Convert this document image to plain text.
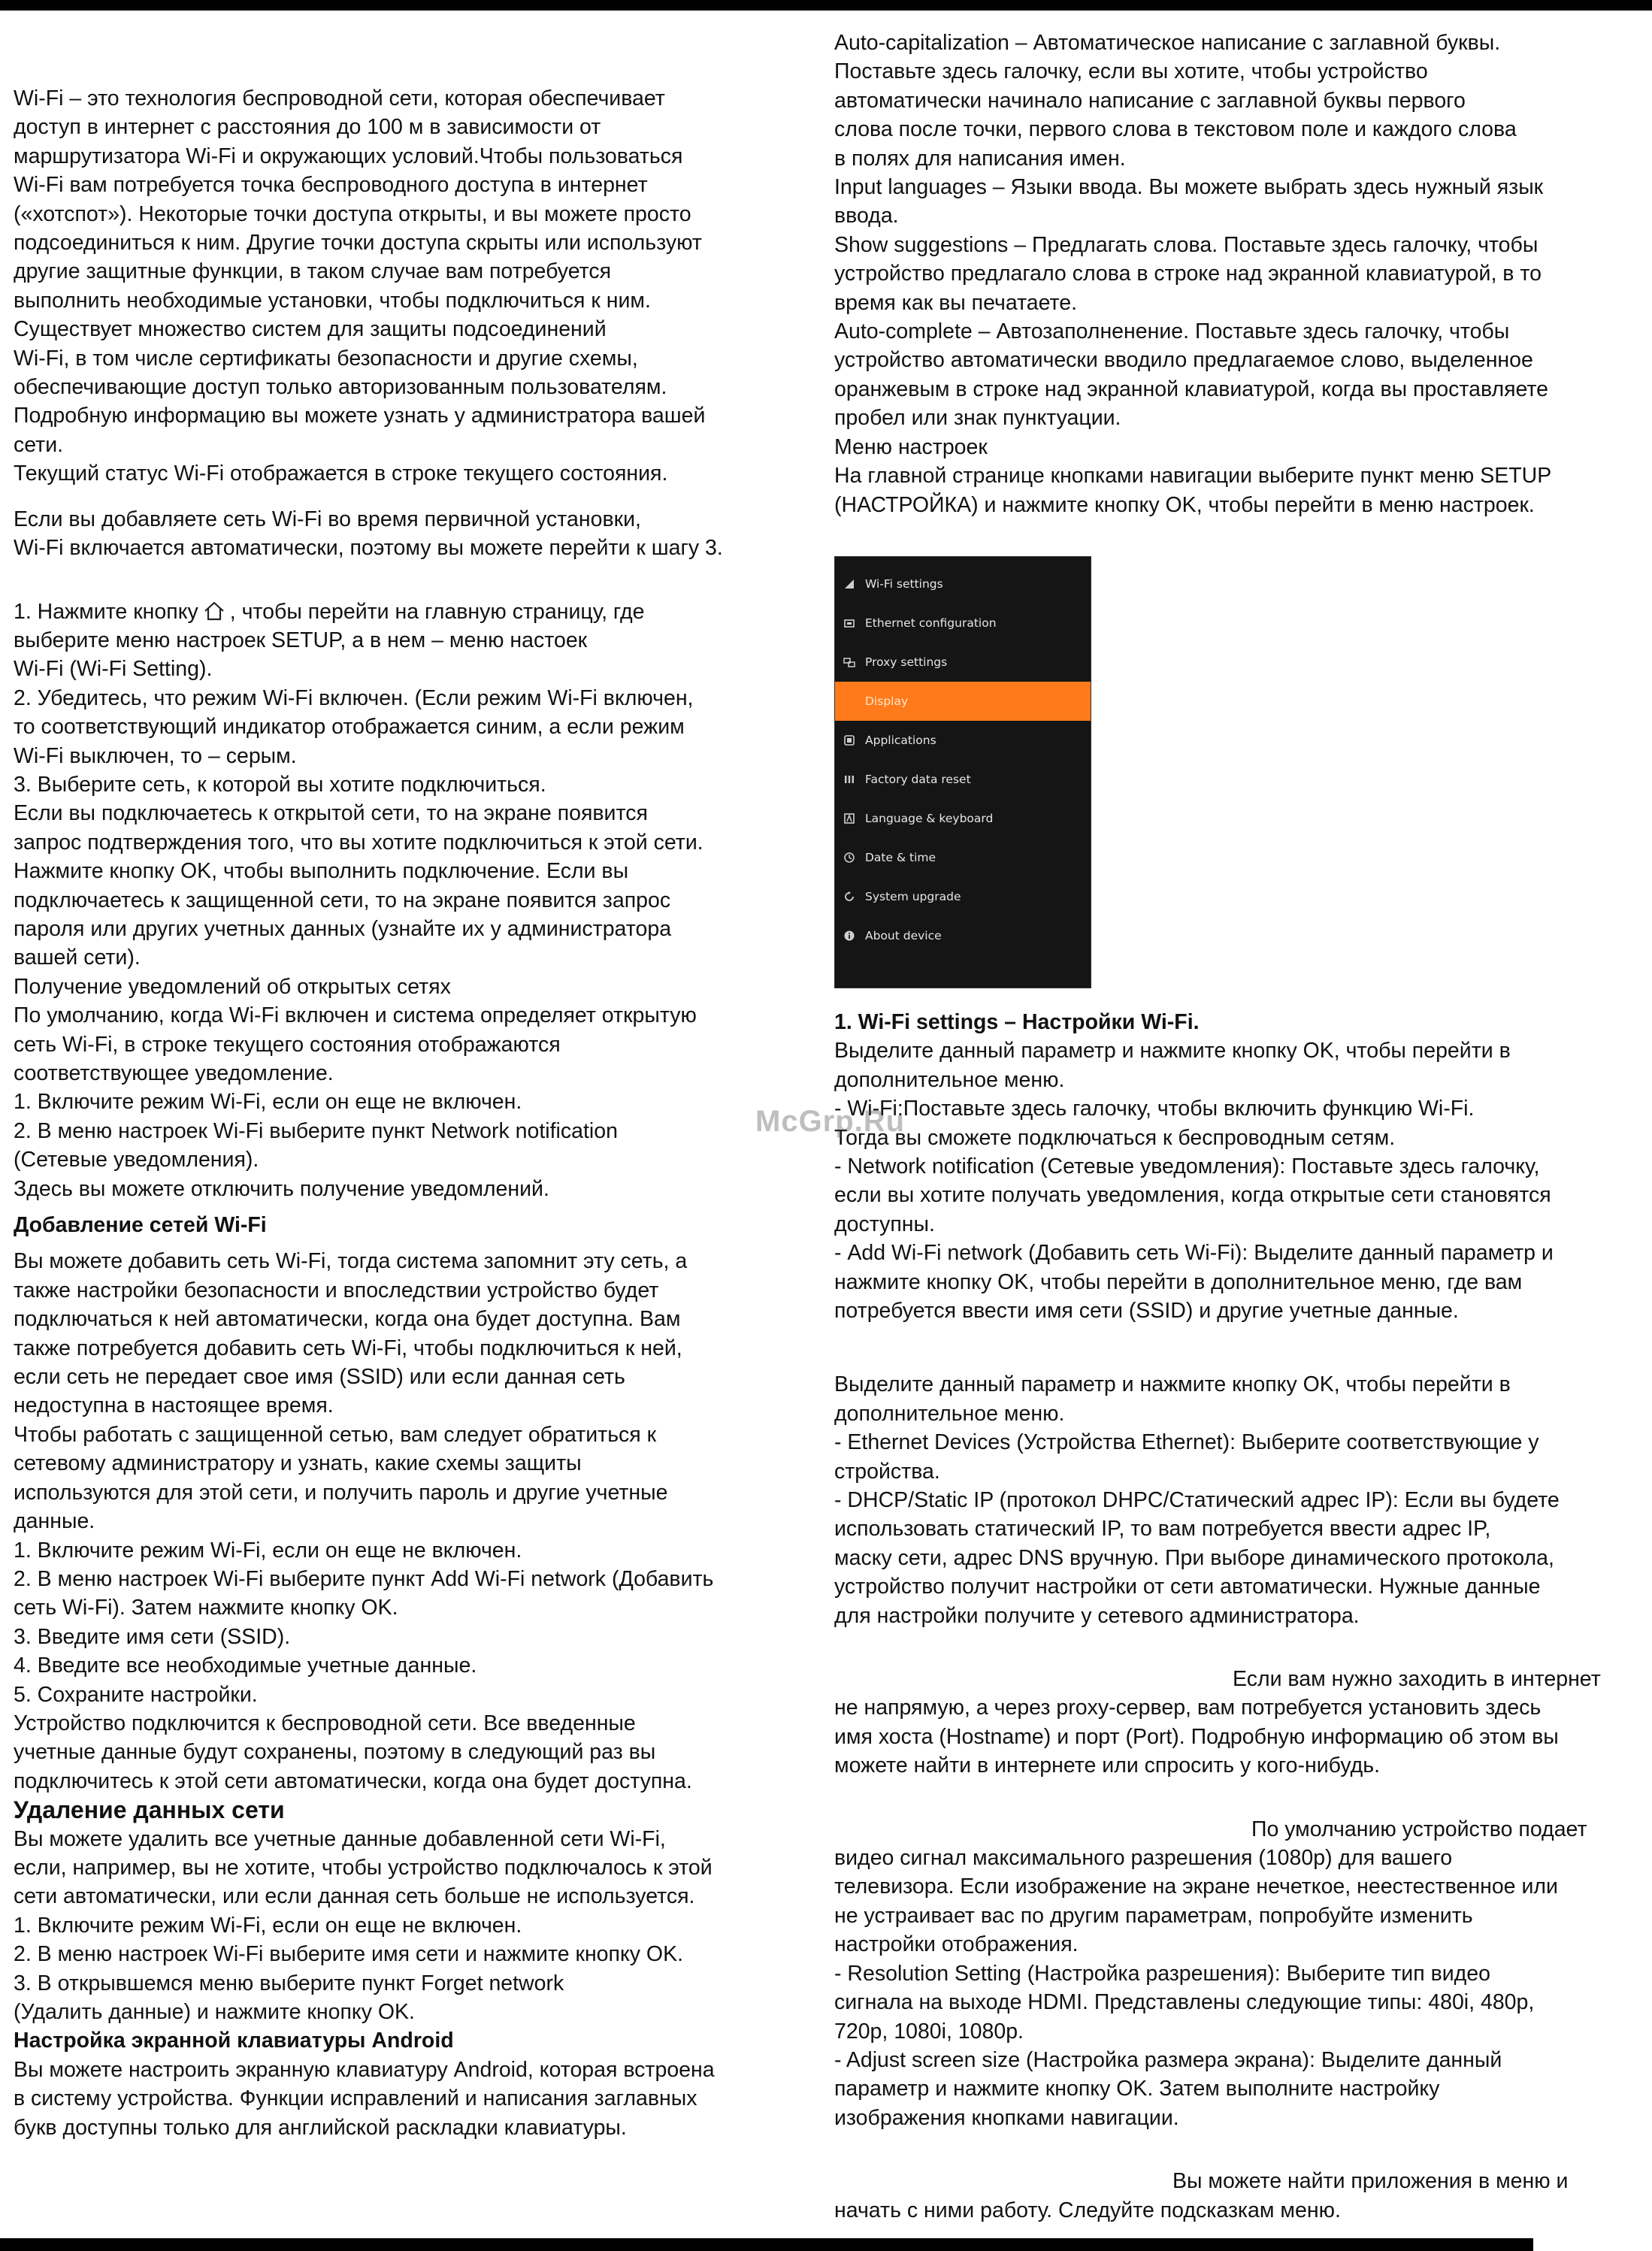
Wi-Fi – это технология беспроводной сети, которая обеспечивает
доступ в интернет с расстояния до 100 м в зависимости от
маршрутизатора Wi-Fi и окружающих условий.Чтобы пользоваться
Wi-Fi вам потребуется точка беспроводного доступа в интернет
(«хотспот»). Некоторые точки доступа открыты, и вы можете просто
подсоединиться к ним. Другие точки доступа скрыты или используют
другие защитные функции, в таком случае вам потребуется
выполнить необходимые установки, чтобы подключиться к ним.
Существует множество систем для защиты подсоединений
Wi-Fi, в том числе сертификаты безопасности и другие схемы,
обеспечивающие доступ только авторизованным пользователям.
Подробную информацию вы можете узнать у администратора вашей
сети.
Текущий статус Wi-Fi отображается в строке текущего состояния.

Если вы добавляете сеть Wi-Fi во время первичной установки,
Wi-Fi включается автоматически, поэтому вы можете перейти к шагу 3.

1. Нажмите кнопку , чтобы перейти на главную страницу, где

выберите меню настроек SETUP, а в нем – меню настоек
Wi-Fi (Wi-Fi Setting).
2. Убедитесь, что режим Wi-Fi включен. (Если режим Wi-Fi включен,
то соответствующий индикатор отображается синим, а если режим
Wi-Fi выключен, то – серым.
3. Выберите сеть, к которой вы хотите подключиться.
Если вы подключаетесь к открытой сети, то на экране появится
запрос подтверждения того, что вы хотите подключиться к этой сети.
Нажмите кнопку OK, чтобы выполнить подключение. Если вы
подключаетесь к защищенной сети, то на экране появится запрос
пароля или других учетных данных (узнайте их у администратора
вашей сети).
Получение уведомлений об открытых сетях
По умолчанию, когда Wi-Fi включен и система определяет открытую
сеть Wi-Fi, в строке текущего состояния отображаются
соответствующее уведомление.
1. Включите режим Wi-Fi, если он еще не включен.
2. В меню настроек Wi-Fi выберите пункт Network notification
(Сетевые уведомления).
Здесь вы можете отключить получение уведомлений.

Добавление сетей Wi-Fi

Вы можете добавить сеть Wi-Fi, тогда система запомнит эту сеть, а
также настройки безопасности и впоследствии устройство будет
подключаться к ней автоматически, когда она будет доступна. Вам
также потребуется добавить сеть Wi-Fi, чтобы подключиться к ней,
если сеть не передает свое имя (SSID) или если данная сеть
недоступна в настоящее время.
Чтобы работать с защищенной сетью, вам следует обратиться к
сетевому администратору и узнать, какие схемы защиты
используются для этой сети, и получить пароль и другие учетные
данные.
1. Включите режим Wi-Fi, если он еще не включен.
2. В меню настроек Wi-Fi выберите пункт Add Wi-Fi network (Добавить
сеть Wi-Fi). Затем нажмите кнопку OK.
3. Введите имя сети (SSID).
4. Введите все необходимые учетные данные.
5. Сохраните настройки.
Устройство подключится к беспроводной сети. Все введенные
учетные данные будут сохранены, поэтому в следующий раз вы
подключитесь к этой сети автоматически, когда она будет доступна.

Удаление данных сети

Вы можете удалить все учетные данные добавленной сети Wi-Fi,
если, например, вы не хотите, чтобы устройство подключалось к этой
сети автоматически, или если данная сеть больше не используется.
1. Включите режим Wi-Fi, если он еще не включен.
2. В меню настроек Wi-Fi выберите имя сети и нажмите кнопку OK.
3. В открывшемся меню выберите пункт Forget network
(Удалить данные) и нажмите кнопку OK.

Настройка экранной клавиатуры Android

Вы можете настроить экранную клавиатуру Android, которая встроена
в систему устройства. Функции исправлений и написания заглавных
букв доступны только для английской раскладки клавиатуры.

Auto-capitalization – Автоматическое написание с заглавной буквы.
Поставьте здесь галочку, если вы хотите, чтобы устройство
автоматически начинало написание с заглавной буквы первого
слова после точки, первого слова в текстовом поле и каждого слова
в полях для написания имен.
Input languages – Языки ввода. Вы можете выбрать здесь нужный язык
ввода.
Show suggestions – Предлагать слова. Поставьте здесь галочку, чтобы
устройство предлагало слова в строке над экранной клавиатурой, в то
время как вы печатаете.
Auto-complete – Автозаполненение. Поставьте здесь галочку, чтобы
устройство автоматически вводило предлагаемое слово, выделенное
оранжевым в строке над экранной клавиатурой, когда вы проставляете
пробел или знак пунктуации.
Меню настроек
На главной странице кнопками навигации выберите пункт меню SETUP
(НАСТРОЙКА) и нажмите кнопку OK, чтобы перейти в меню настроек.

1. Wi-Fi settings – Настройки Wi-Fi.

Выделите данный параметр и нажмите кнопку OK, чтобы перейти в
дополнительное меню.
- Wi-Fi:Поставьте здесь галочку, чтобы включить функцию Wi-Fi.
Тогда вы сможете подключаться к беспроводным сетям.
- Network notification (Сетевые уведомления): Поставьте здесь галочку,
если вы хотите получать уведомления, когда открытые сети становятся
доступны.
- Add Wi-Fi network (Добавить сеть Wi-Fi): Выделите данный параметр и
нажмите кнопку OK, чтобы перейти в дополнительное меню, где вам
потребуется ввести имя сети (SSID) и другие учетные данные.

Выделите данный параметр и нажмите кнопку OK, чтобы перейти в
дополнительное меню.
- Ethernet Devices (Устройства Ethernet): Выберите соответствующие у
стройства.
- DHCP/Static IP (протокол DHPC/Статический адрес IP): Если вы будете
использовать статический IP, то вам потребуется ввести адрес IP,
маску сети, адрес DNS вручную. При выборе динамического протокола,
устройство получит настройки от сети автоматически. Нужные данные
для настройки получите у сетевого администратора.

Если вам нужно заходить в интернет

не напрямую, а через proxy-сервер, вам потребуется установить здесь
имя хоста (Hostname) и порт (Port). Подробную информацию об этом вы
можете найти в интернете или спросить у кого-нибудь.

По умолчанию устройство подает

видео сигнал максимального разрешения (1080p) для вашего
телевизора. Если изображение на экране нечеткое, неестественное или
не устраивает вас по другим параметрам, попробуйте изменить
настройки отображения.
- Resolution Setting (Настройка разрешения): Выберите тип видео
сигнала на выходе HDMI. Представлены следующие типы: 480i, 480p,
720p, 1080i, 1080p.
- Adjust screen size (Настройка размера экрана): Выделите данный
параметр и нажмите кнопку OK. Затем выполните настройку
изображения кнопками навигации.

Вы можете найти приложения в меню и

начать с ними работу. Следуйте подсказкам меню.

Wi-Fi settings
Ethernet configuration
Proxy settings
Display
Applications
Factory data reset
Language & keyboard
Date & time
System upgrade
About device
McGrp.Ru
